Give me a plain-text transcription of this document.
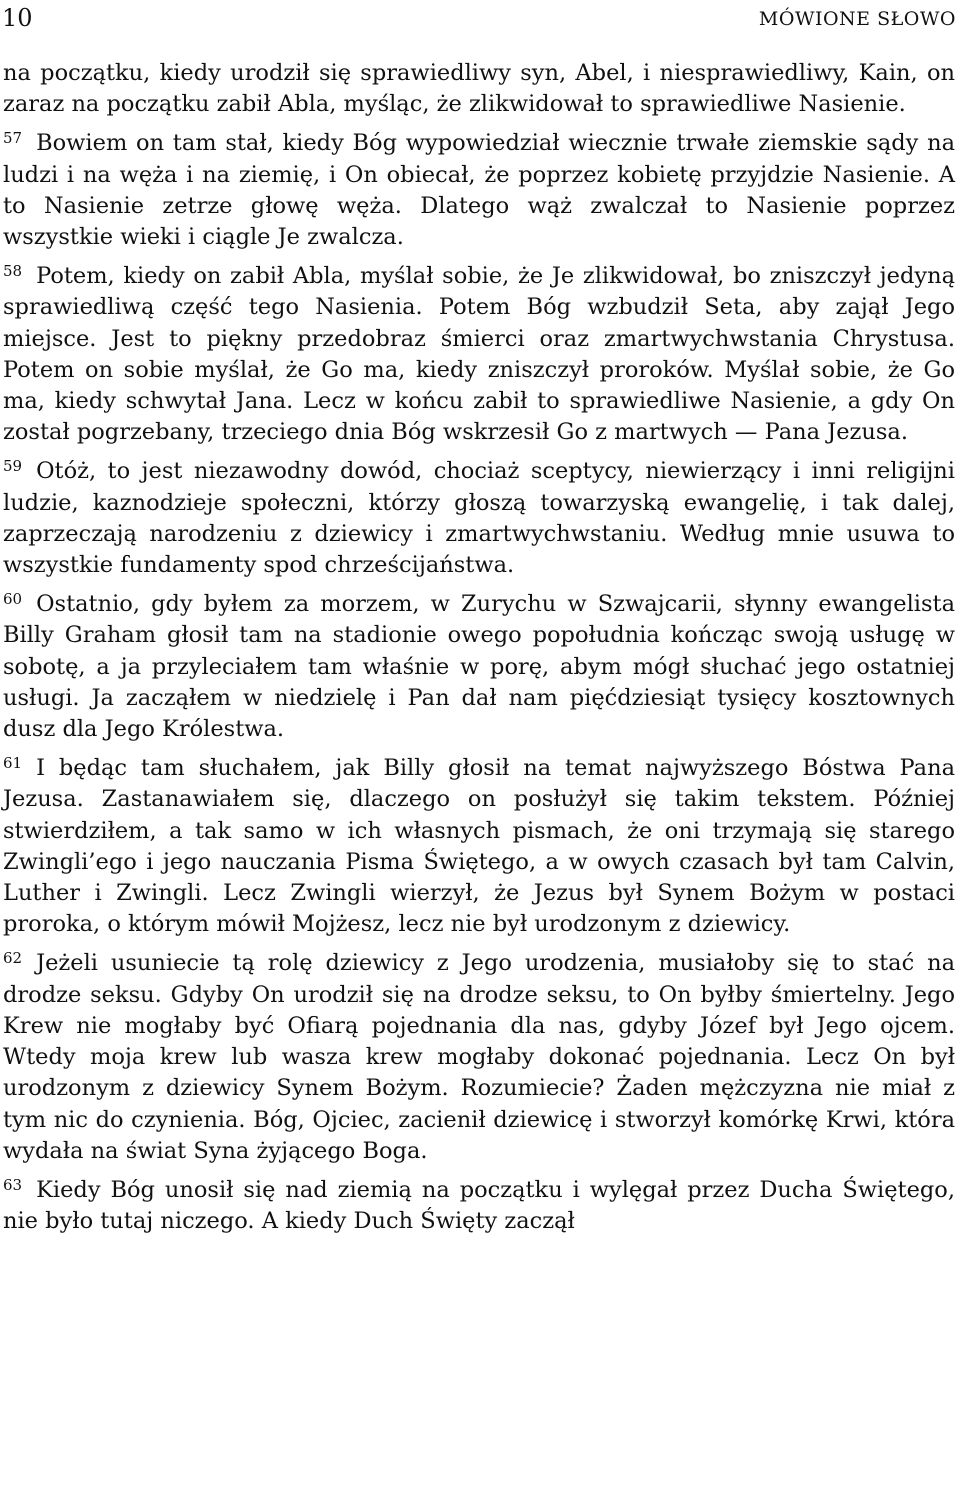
10	MÓWIONE SŁOWO

na początku, kiedy urodził się sprawiedliwy syn, Abel, i niesprawiedliwy, Kain, on zaraz na początku zabił Abla, myśląc, że zlikwidował to sprawiedliwe Nasienie.

$^{57}$ Bowiem on tam stał, kiedy Bóg wypowiedział wiecznie trwałe ziemskie sądy na ludzi i na węża i na ziemię, i On obiecał, że poprzez kobietę przyjdzie Nasienie. A to Nasienie zetrze głowę węża. Dlatego wąż zwalczał to Nasienie poprzez wszystkie wieki i ciągle Je zwalcza.

$^{58}$ Potem, kiedy on zabił Abla, myślał sobie, że Je zlikwidował, bo zniszczył jedyną sprawiedliwą część tego Nasienia. Potem Bóg wzbudził Seta, aby zajął Jego miejsce. Jest to piękny przedobraz śmierci oraz zmartwychwstania Chrystusa. Potem on sobie myślał, że Go ma, kiedy zniszczył proroków. Myślał sobie, że Go ma, kiedy schwytał Jana. Lecz w końcu zabił to sprawiedliwe Nasienie, a gdy On został pogrzebany, trzeciego dnia Bóg wskrzesił Go z martwych — Pana Jezusa.

$^{59}$ Otóż, to jest niezawodny dowód, chociaż sceptycy, niewierzący i inni religijni ludzie, kaznodzieje społeczni, którzy głoszą towarzyską ewangelię, i tak dalej, zaprzeczają narodzeniu z dziewicy i zmartwychwstaniu. Według mnie usuwa to wszystkie fundamenty spod chrześcijaństwa.

$^{60}$ Ostatnio, gdy byłem za morzem, w Zurychu w Szwajcarii, słynny ewangelista Billy Graham głosił tam na stadionie owego popołudnia kończąc swoją usługę w sobotę, a ja przyleciałem tam właśnie w porę, abym mógł słuchać jego ostatniej usługi. Ja zacząłem w niedzielę i Pan dał nam pięćdziesiąt tysięcy kosztownych dusz dla Jego Królestwa.

$^{61}$ I będąc tam słuchałem, jak Billy głosił na temat najwyższego Bóstwa Pana Jezusa. Zastanawiałem się, dlaczego on posłużył się takim tekstem. Później stwierdziłem, a tak samo w ich własnych pismach, że oni trzymają się starego Zwingli’ego i jego nauczania Pisma Świętego, a w owych czasach był tam Calvin, Luther i Zwingli. Lecz Zwingli wierzył, że Jezus był Synem Bożym w postaci proroka, o którym mówił Mojżesz, lecz nie był urodzonym z dziewicy.

$^{62}$ Jeżeli usuniecie tą rolę dziewicy z Jego urodzenia, musiałoby się to stać na drodze seksu. Gdyby On urodził się na drodze seksu, to On byłby śmiertelny. Jego Krew nie mogłaby być Ofiarą pojednania dla nas, gdyby Józef był Jego ojcem. Wtedy moja krew lub wasza krew mogłaby dokonać pojednania. Lecz On był urodzonym z dziewicy Synem Bożym. Rozumiecie? Żaden mężczyzna nie miał z tym nic do czynienia. Bóg, Ojciec, zacienił dziewicę i stworzył komórkę Krwi, która wydała na świat Syna żyjącego Boga.

$^{63}$ Kiedy Bóg unosił się nad ziemią na początku i wylęgał przez Ducha Świętego, nie było tutaj niczego. A kiedy Duch Święty zaczął
